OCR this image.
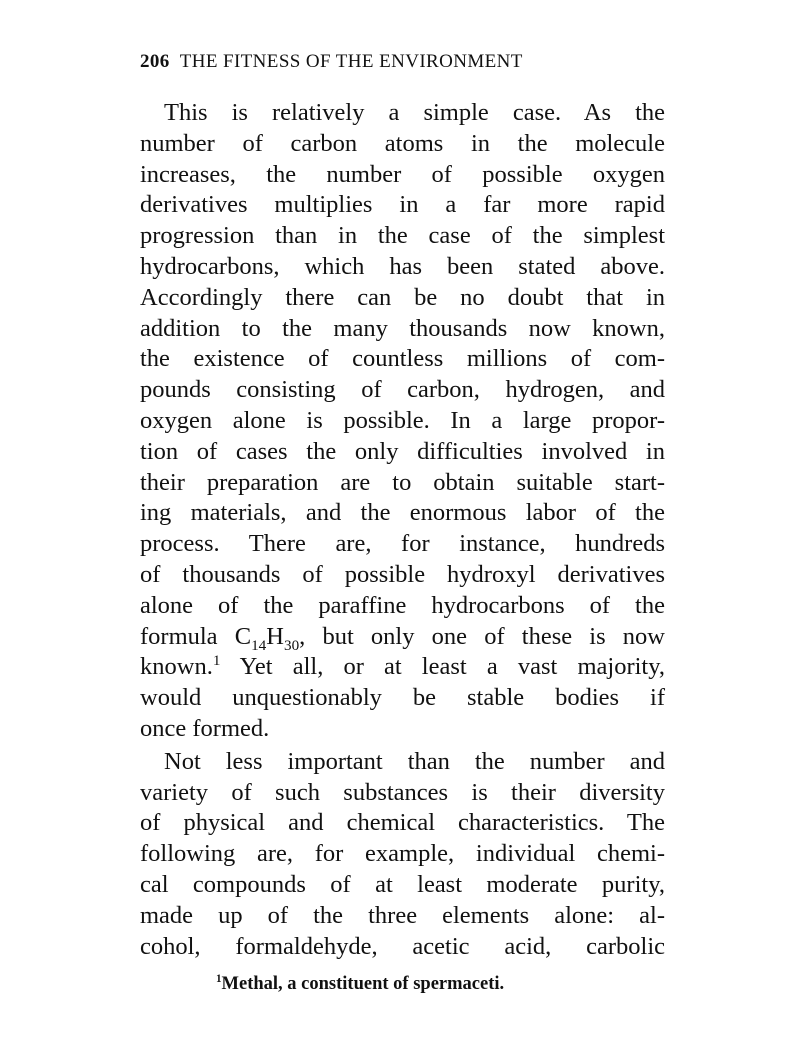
206 THE FITNESS OF THE ENVIRONMENT
This is relatively a simple case. As the
number of carbon atoms in the molecule
increases, the number of possible oxygen
derivatives multiplies in a far more rapid
progression than in the case of the simplest
hydrocarbons, which has been stated above.
Accordingly there can be no doubt that in
addition to the many thousands now known,
the existence of countless millions of com-
pounds consisting of carbon, hydrogen, and
oxygen alone is possible. In a large propor-
tion of cases the only difficulties involved in
their preparation are to obtain suitable start-
ing materials, and the enormous labor of the
process. There are, for instance, hundreds
of thousands of possible hydroxyl derivatives
alone of the paraffine hydrocarbons of the
formula $C_{14}H_{30}$, but only one of these is now
known.$^1$ Yet all, or at least a vast majority,
would unquestionably be stable bodies if
once formed.
Not less important than the number and
variety of such substances is their diversity
of physical and chemical characteristics. The
following are, for example, individual chemi-
cal compounds of at least moderate purity,
made up of the three elements alone: al-
cohol, formaldehyde, acetic acid, carbolic
$^1$Methal, a constituent of spermaceti.
